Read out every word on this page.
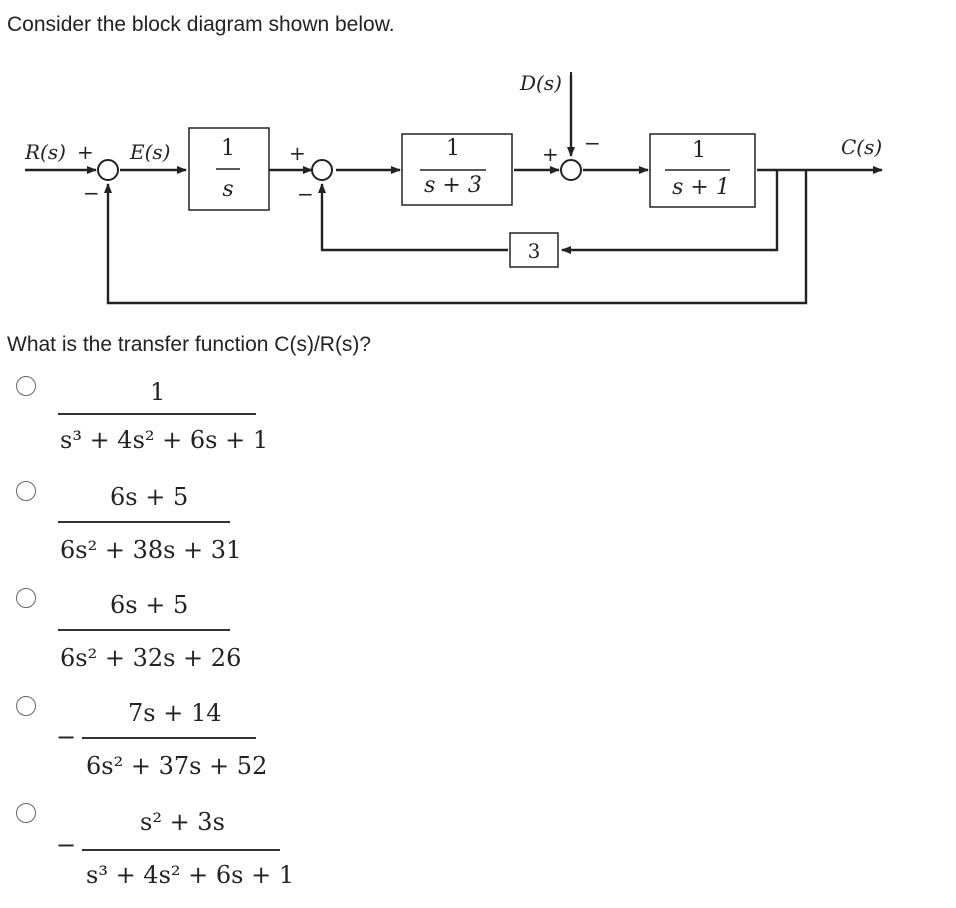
Consider the block diagram shown below.
R(s) +
−
E(s) 1
s
+
−
1
s + 3
D(s)
+ −	1
s + 1
3
C(s)
What is the transfer function C(s)/R(s)?
1
s³ + 4s² + 6s + 1
6s + 5
6s² + 38s + 31
6s + 5
6s² + 32s + 26
−
7s + 14
6s² + 37s + 52
−
s² + 3s
s³ + 4s² + 6s + 1
